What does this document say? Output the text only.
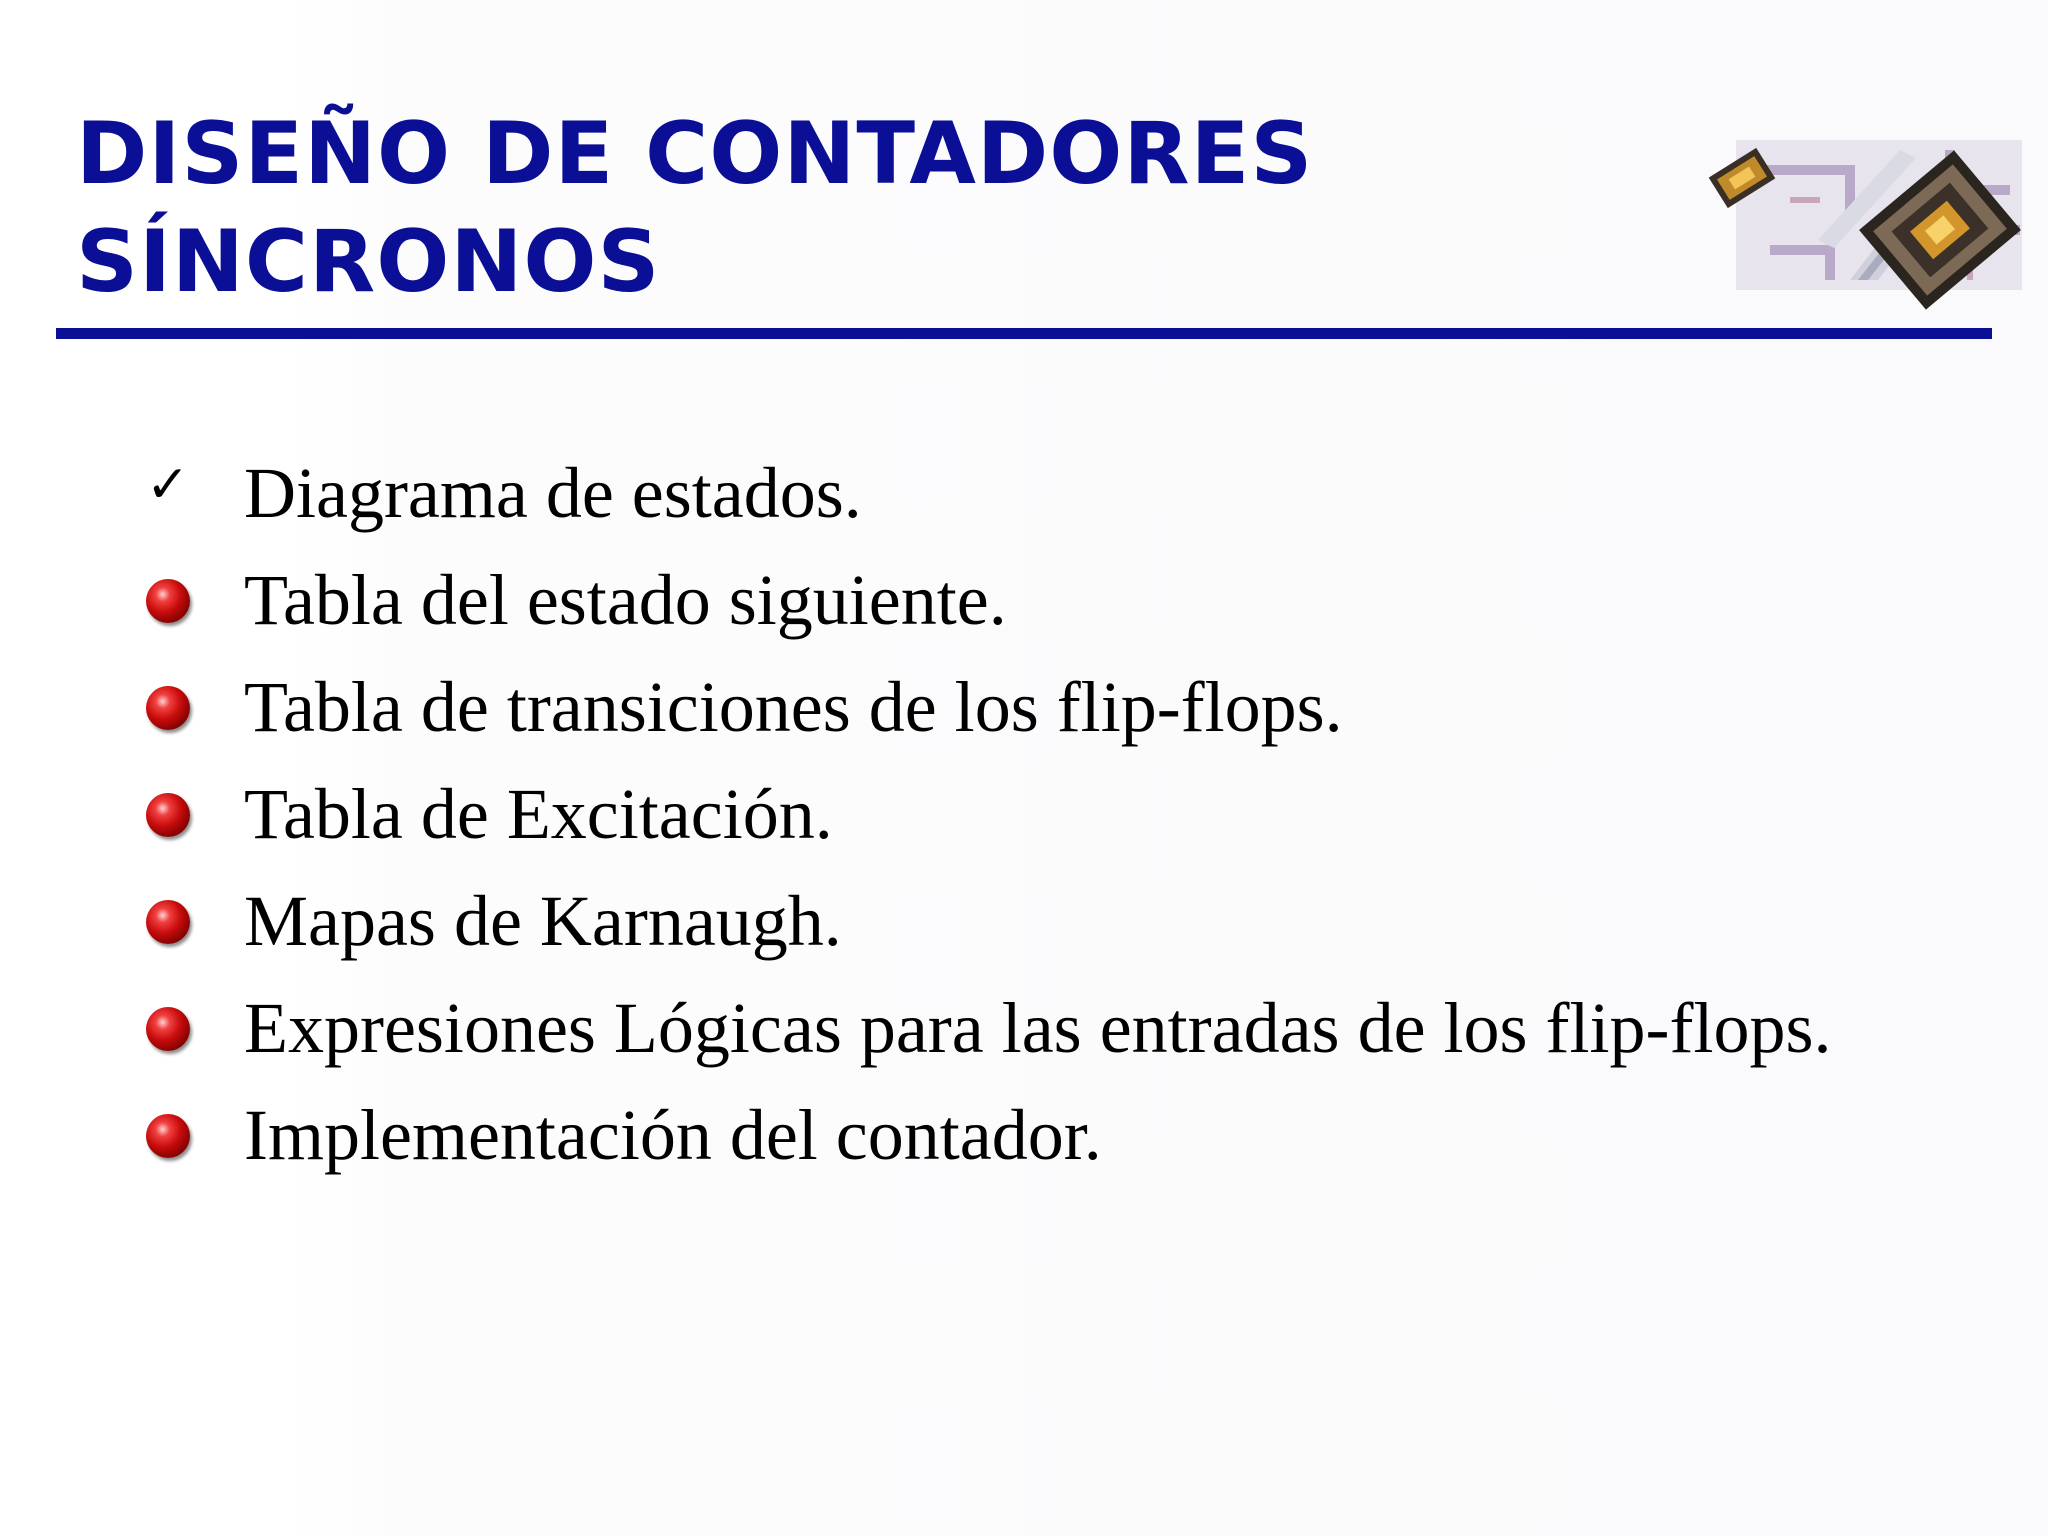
DISEÑO DE CONTADORES
SÍNCRONOS
✓ Diagrama de estados.
Tabla del estado siguiente.
Tabla de transiciones de los flip-flops.
Tabla de Excitación.
Mapas de Karnaugh.
Expresiones Lógicas para las entradas de los flip-flops.
Implementación del contador.
